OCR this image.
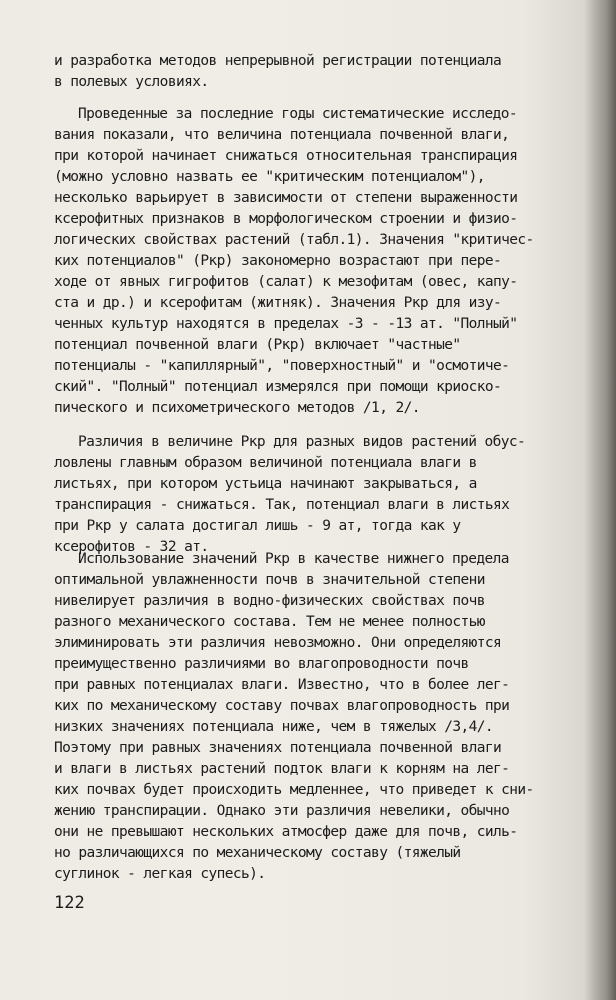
и разработка методов непрерывной регистрации потенциала
в полевых условиях.
Проведенные за последние годы систематические исследо-
вания показали, что величина потенциала почвенной влаги,
при которой начинает снижаться относительная транспирация
(можно условно назвать ее "критическим потенциалом"),
несколько варьирует в зависимости от степени выраженности
ксерофитных признаков в морфологическом строении и физио-
логических свойствах растений (табл.1). Значения "критичес-
ких потенциалов" (Pкр) закономерно возрастают при пере-
ходе от явных гигрофитов (салат) к мезофитам (овес, капу-
ста и др.) и ксерофитам (житняк). Значения Pкр для изу-
ченных культур находятся в пределах -3 - -13 ат. "Полный"
потенциал почвенной влаги (Pкр) включает "частные"
потенциалы - "капиллярный", "поверхностный" и "осмотиче-
ский". "Полный" потенциал измерялся при помощи криоско-
пического и психометрического методов /1, 2/.
Различия в величине Pкр для разных видов растений обус-
ловлены главным образом величиной потенциала влаги в
листьях, при котором устьица начинают закрываться, а
транспирация - снижаться. Так, потенциал влаги в листьях
при Pкр у салата достигал лишь - 9 ат, тогда как у
ксерофитов - 32 ат.
Использование значений Pкр в качестве нижнего предела
оптимальной увлажненности почв в значительной степени
нивелирует различия в водно-физических свойствах почв
разного механического состава. Тем не менее полностью
элиминировать эти различия невозможно. Они определяются
преимущественно различиями во влагопроводности почв
при равных потенциалах влаги. Известно, что в более лег-
ких по механическому составу почвах влагопроводность при
низких значениях потенциала ниже, чем в тяжелых /3,4/.
Поэтому при равных значениях потенциала почвенной влаги
и влаги в листьях растений подток влаги к корням на лег-
ких почвах будет происходить медленнее, что приведет к сни-
жению транспирации. Однако эти различия невелики, обычно
они не превышают нескольких атмосфер даже для почв, силь-
но различающихся по механическому составу (тяжелый
суглинок - легкая супесь).
122
